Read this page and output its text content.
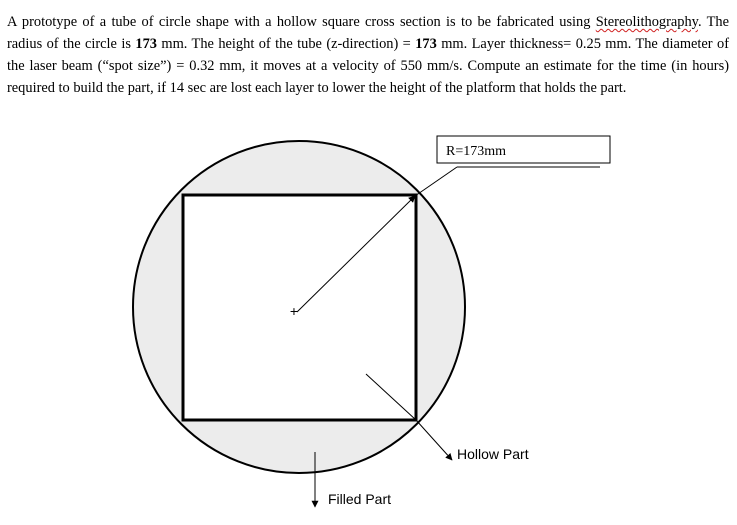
A prototype of a tube of circle shape with a hollow square cross section is to be fabricated using Stereolithography. The radius of the circle is 173 mm. The height of the tube (z-direction) = 173 mm. Layer thickness= 0.25 mm. The diameter of the laser beam (“spot size”) = 0.32 mm, it moves at a velocity of 550 mm/s. Compute an estimate for the time (in hours) required to build the part, if 14 sec are lost each layer to lower the height of the platform that holds the part.

+
R=173mm
Hollow Part
Filled Part
